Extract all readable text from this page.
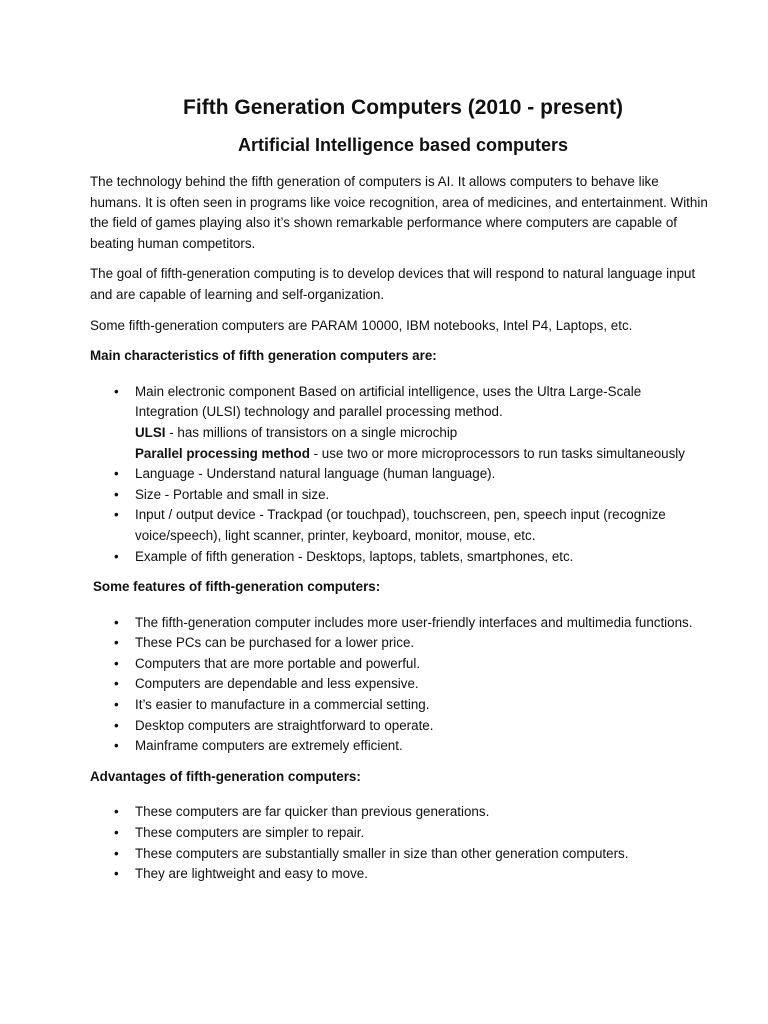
Fifth Generation Computers (2010 - present)
Artificial Intelligence based computers

The technology behind the fifth generation of computers is AI. It allows computers to behave like humans. It is often seen in programs like voice recognition, area of medicines, and entertainment. Within the field of games playing also it’s shown remarkable performance where computers are capable of beating human competitors.

The goal of fifth-generation computing is to develop devices that will respond to natural language input and are capable of learning and self-organization.

Some fifth-generation computers are PARAM 10000, IBM notebooks, Intel P4, Laptops, etc.

Main characteristics of fifth generation computers are:

• Main electronic component Based on artificial intelligence, uses the Ultra Large-Scale Integration (ULSI) technology and parallel processing method.
ULSI - has millions of transistors on a single microchip
Parallel processing method - use two or more microprocessors to run tasks simultaneously
• Language - Understand natural language (human language).
• Size - Portable and small in size.
• Input / output device - Trackpad (or touchpad), touchscreen, pen, speech input (recognize voice/speech), light scanner, printer, keyboard, monitor, mouse, etc.
• Example of fifth generation - Desktops, laptops, tablets, smartphones, etc.

Some features of fifth-generation computers:

• The fifth-generation computer includes more user-friendly interfaces and multimedia functions.
• These PCs can be purchased for a lower price.
• Computers that are more portable and powerful.
• Computers are dependable and less expensive.
• It’s easier to manufacture in a commercial setting.
• Desktop computers are straightforward to operate.
• Mainframe computers are extremely efficient.

Advantages of fifth-generation computers:

• These computers are far quicker than previous generations.
• These computers are simpler to repair.
• These computers are substantially smaller in size than other generation computers.
• They are lightweight and easy to move.
